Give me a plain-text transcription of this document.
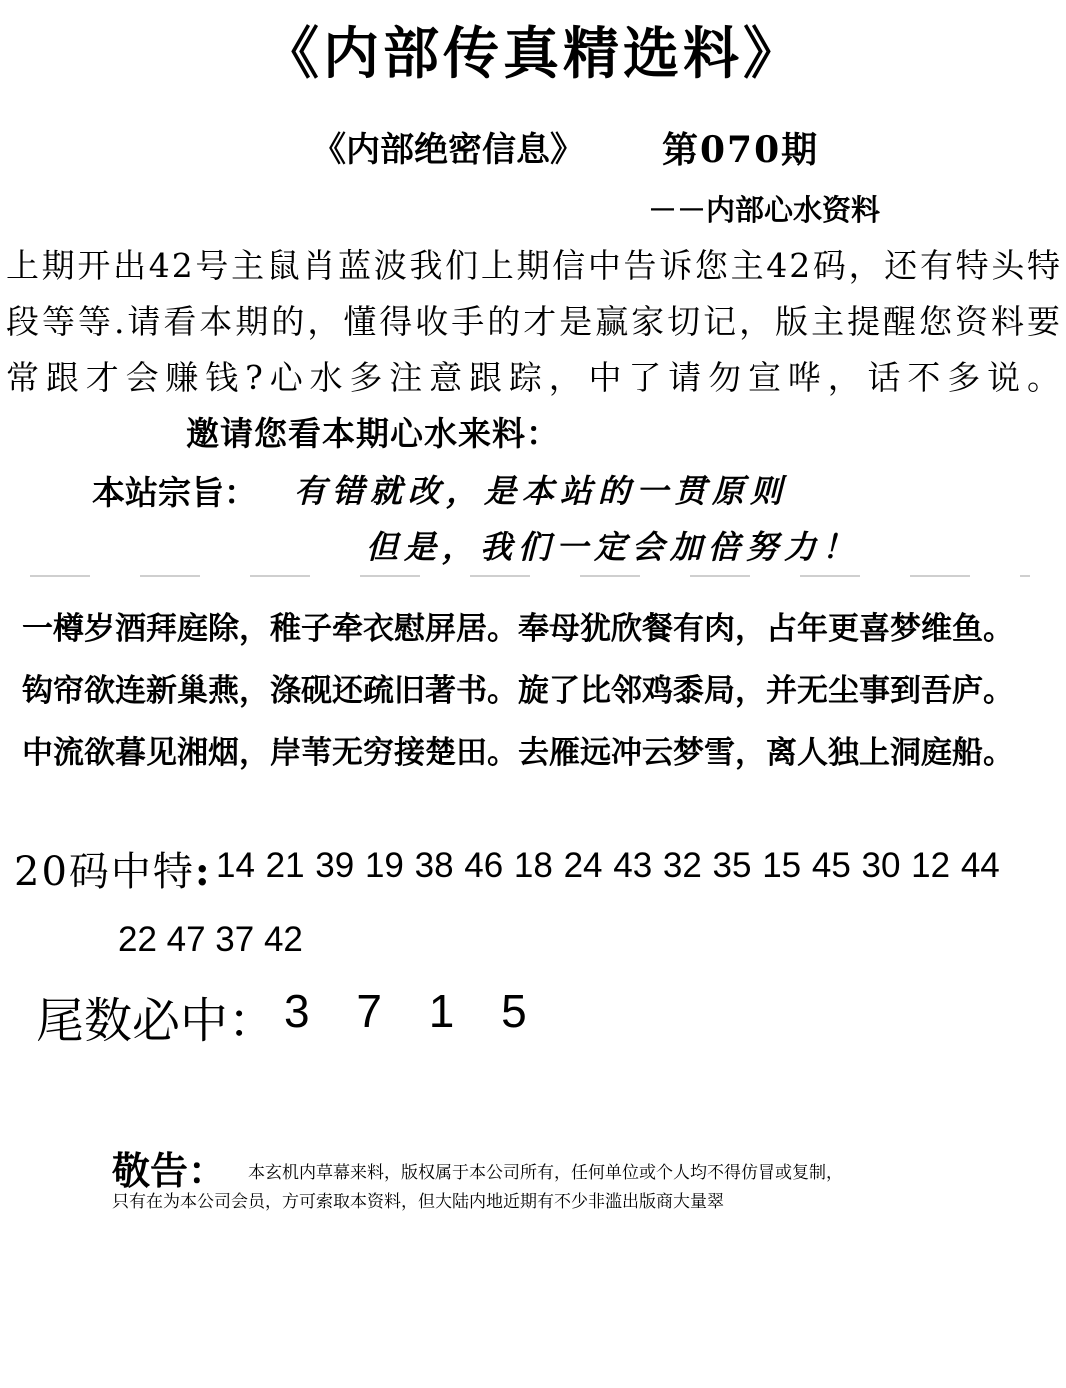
《内部传真精选料》
《内部绝密信息》 第070期
－－内部心水资料
上期开出42号主鼠肖蓝波我们上期信中告诉您主42码，还有特头特段等等.请看本期的，懂得收手的才是赢家切记，版主提醒您资料要常跟才会赚钱?心水多注意跟踪，中了请勿宣哗，话不多说。邀请您看本期心水来料：
本站宗旨： 有错就改，是本站的一贯原则
但是，我们一定会加倍努力！
一樽岁酒拜庭除，稚子牵衣慰屏居。奉母犹欣餐有肉，占年更喜梦维鱼。
钩帘欲连新巢燕，涤砚还疏旧著书。旋了比邻鸡黍局，并无尘事到吾庐。
中流欲暮见湘烟，岸苇无穷接楚田。去雁远冲云梦雪，离人独上洞庭船。
20码中特: 14 21 39 19 38 46 18 24 43 32 35 15 45 30 12 44
22 47 37 42
尾数必中： 3 7 1 5
敬告： 本玄机内草幕来料，版权属于本公司所有，任何单位或个人均不得仿冒或复制，
只有在为本公司会员，方可索取本资料，但大陆内地近期有不少非滥出版商大量翠
